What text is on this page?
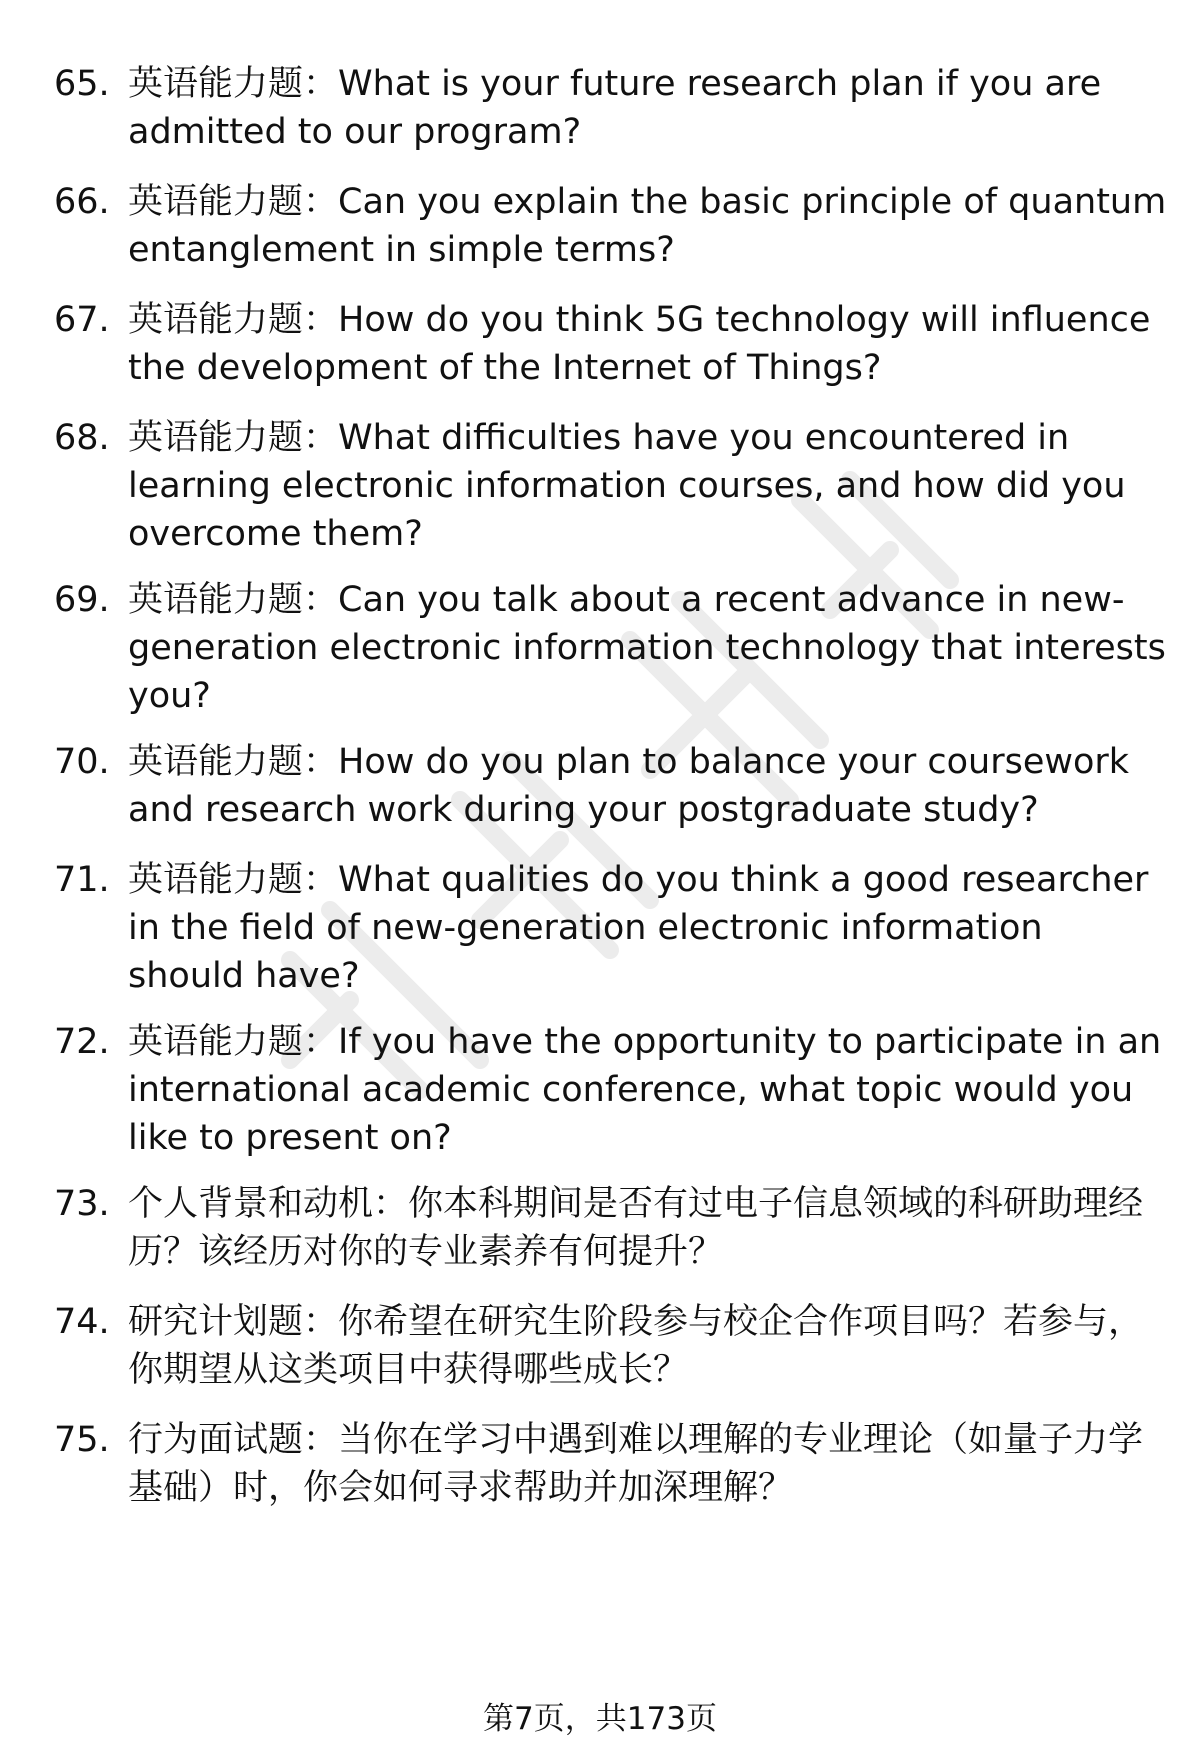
65. 英语能力题：What is your future research plan if you are admitted to our program?
66. 英语能力题：Can you explain the basic principle of quantum entanglement in simple terms?
67. 英语能力题：How do you think 5G technology will influence the development of the Internet of Things?
68. 英语能力题：What difficulties have you encountered in learning electronic information courses, and how did you overcome them?
69. 英语能力题：Can you talk about a recent advance in new-generation electronic information technology that interests you?
70. 英语能力题：How do you plan to balance your coursework and research work during your postgraduate study?
71. 英语能力题：What qualities do you think a good researcher in the field of new-generation electronic information should have?
72. 英语能力题：If you have the opportunity to participate in an international academic conference, what topic would you like to present on?
73. 个人背景和动机：你本科期间是否有过电子信息领域的科研助理经历？该经历对你的专业素养有何提升？
74. 研究计划题：你希望在研究生阶段参与校企合作项目吗？若参与，你期望从这类项目中获得哪些成长？
75. 行为面试题：当你在学习中遇到难以理解的专业理论（如量子力学基础）时，你会如何寻求帮助并加深理解？
第7页，共173页
